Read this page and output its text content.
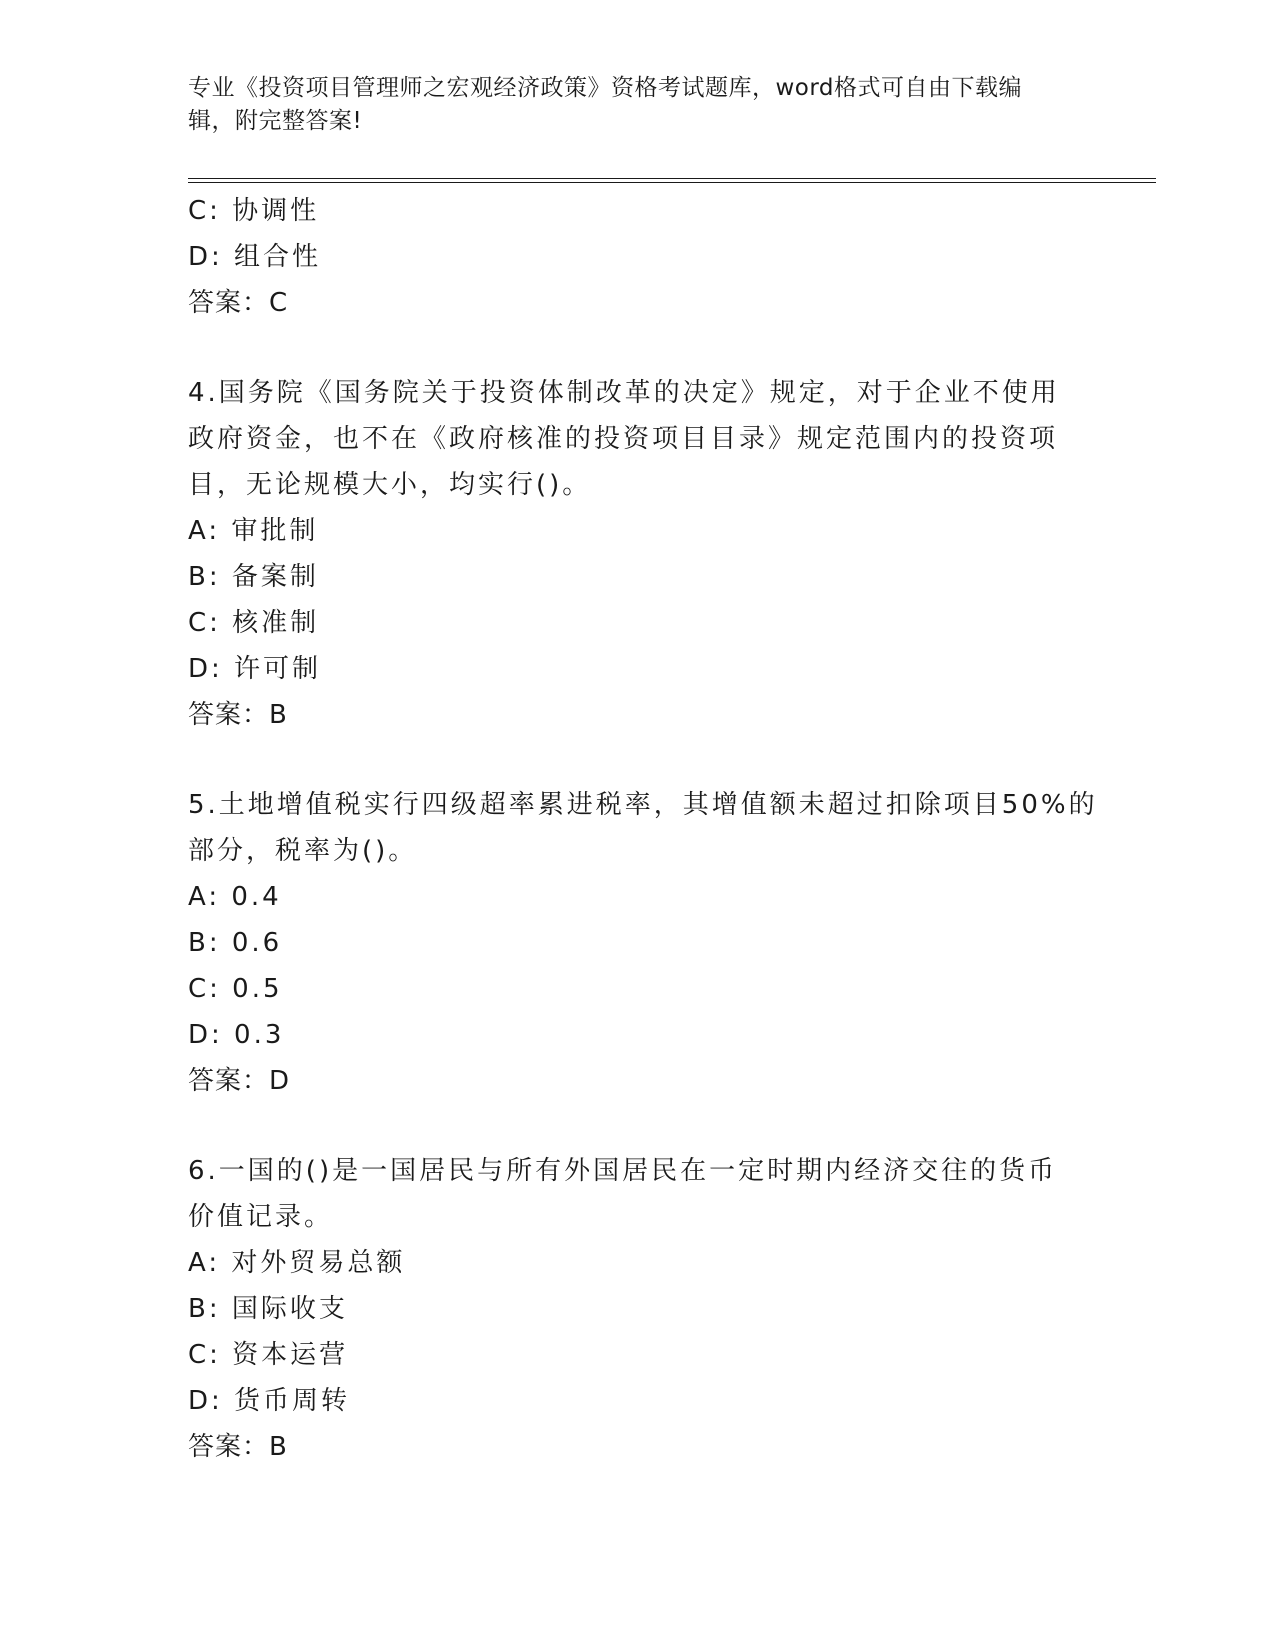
专业《投资项目管理师之宏观经济政策》资格考试题库，word格式可自由下载编
辑，附完整答案!
C: 协调性
D: 组合性
答案：C
4.国务院《国务院关于投资体制改革的决定》规定，对于企业不使用
政府资金，也不在《政府核准的投资项目目录》规定范围内的投资项
目，无论规模大小，均实行()。
A: 审批制
B: 备案制
C: 核准制
D: 许可制
答案：B
5.土地增值税实行四级超率累进税率，其增值额未超过扣除项目50%的
部分，税率为()。
A: 0.4
B: 0.6
C: 0.5
D: 0.3
答案：D
6.一国的()是一国居民与所有外国居民在一定时期内经济交往的货币
价值记录。
A: 对外贸易总额
B: 国际收支
C: 资本运营
D: 货币周转
答案：B
